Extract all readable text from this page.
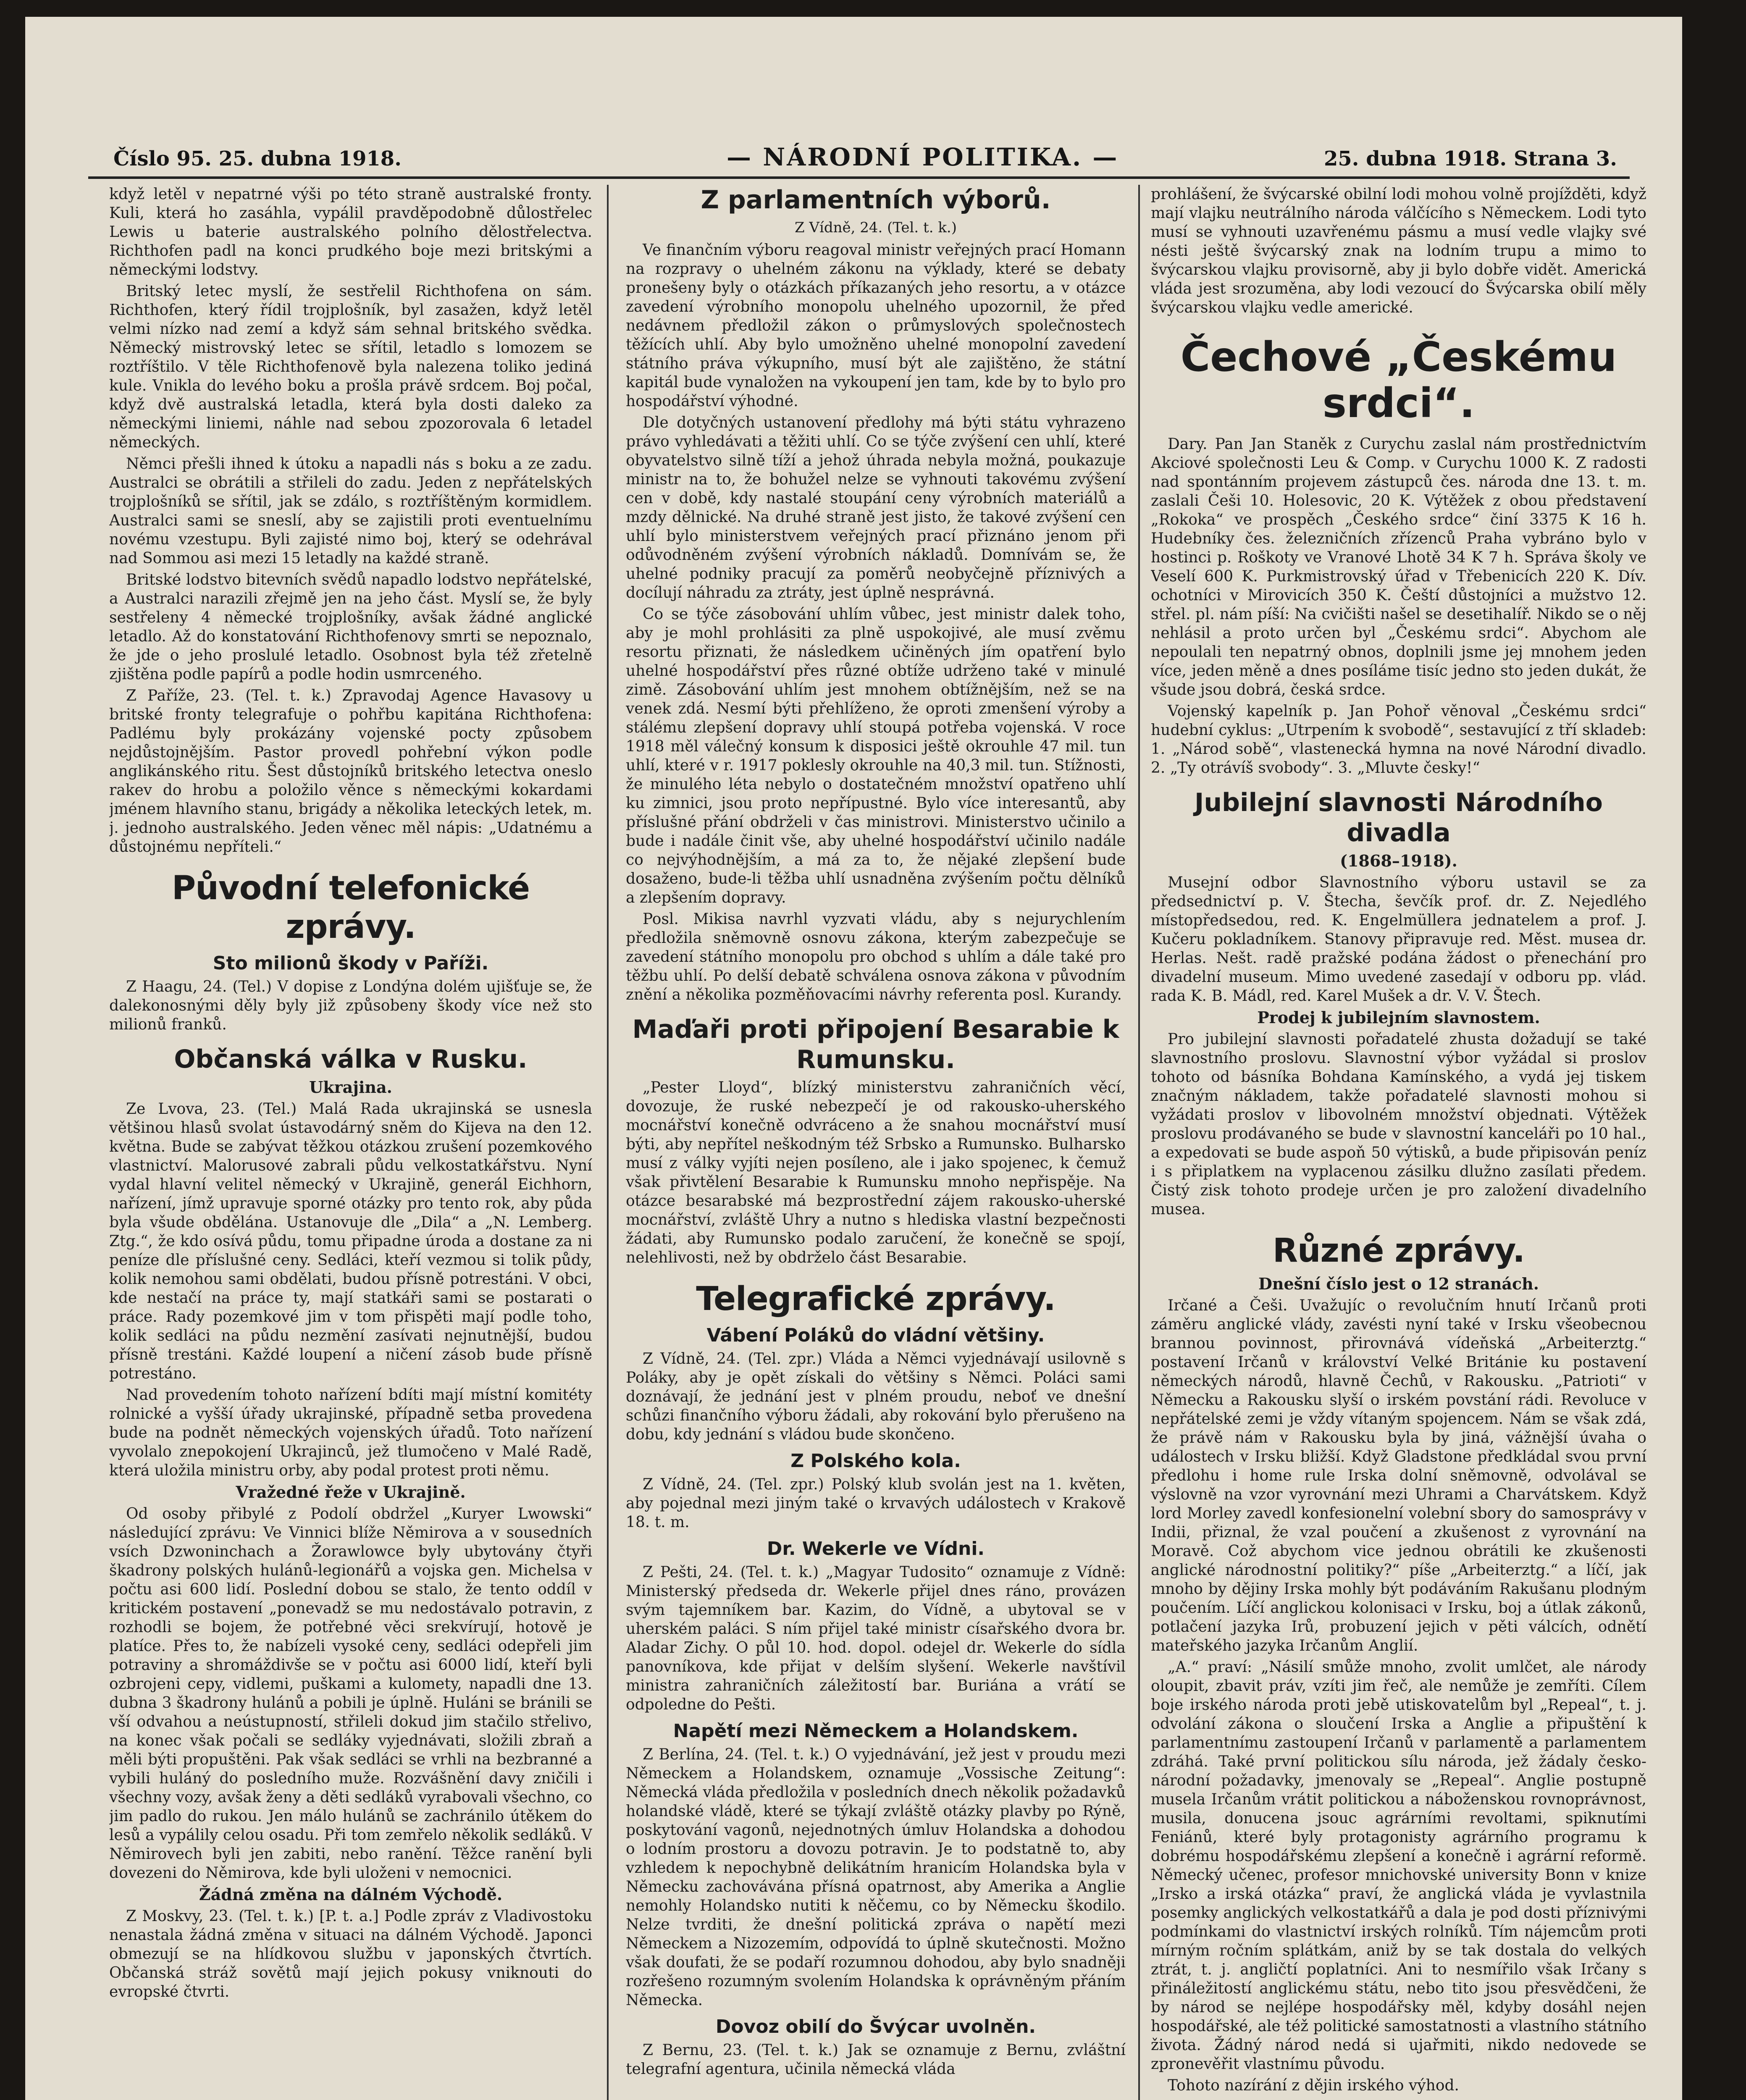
Číslo 95. 25. dubna 1918.	— NÁRODNÍ POLITIKA. —	25. dubna 1918. Strana 3.

když letěl v nepatrné výši po této straně australské fronty. Kuli, která ho zasáhla, vypálil pravděpodobně důlostřelec Lewis u baterie australského polního dělostřelectva. Richthofen padl na konci prudkého boje mezi britskými a německými lodstvy.

Britský letec myslí, že sestřelil Richthofena on sám. Richthofen, který řídil trojplošník, byl zasažen, když letěl velmi nízko nad zemí a když sám sehnal britského svědka. Německý mistrovský letec se sřítil, letadlo s lomozem se roztříštilo. V těle Richthofenově byla nalezena toliko jediná kule. Vnikla do levého boku a prošla právě srdcem. Boj počal, když dvě australská letadla, která byla dosti daleko za německými liniemi, náhle nad sebou zpozorovala 6 letadel německých.

Němci přešli ihned k útoku a napadli nás s boku a ze zadu. Australci se obrátili a střileli do zadu. Jeden z nepřátelských trojplošníků se sřítil, jak se zdálo, s roztříštěným kormidlem. Australci sami se sneslí, aby se zajistili proti eventuelnímu novému vzestupu. Byli zajisté nimo boj, který se odehrával nad Sommou asi mezi 15 letadly na každé straně.

Britské lodstvo bitevních svědů napadlo lodstvo nepřátelské, a Australci narazili zřejmě jen na jeho část. Myslí se, že byly sestřeleny 4 německé trojplošníky, avšak žádné anglické letadlo. Až do konstatování Richthofenovy smrti se nepoznalo, že jde o jeho proslulé letadlo. Osobnost byla též zřetelně zjištěna podle papírů a podle hodin usmrceného.

Z Paříže, 23. (Tel. t. k.) Zpravodaj Agence Havasovy u britské fronty telegrafuje o pohřbu kapitána Richthofena: Padlému byly prokázány vojenské pocty způsobem nejdůstojnějším. Pastor provedl pohřební výkon podle anglikánského ritu. Šest důstojníků britského letectva oneslo rakev do hrobu a položilo věnce s německými kokardami jménem hlavního stanu, brigády a několika leteckých letek, m. j. jednoho australského. Jeden věnec měl nápis: „Udatnému a důstojnému nepříteli.“

Původní telefonické zprávy.
Sto milionů škody v Paříži.

Z Haagu, 24. (Tel.) V dopise z Londýna dolém ujišťuje se, že dalekonosnými děly byly již způsobeny škody více než sto milionů franků.

Občanská válka v Rusku.
Ukrajina.

Ze Lvova, 23. (Tel.) Malá Rada ukrajinská se usnesla většinou hlasů svolat ústavodárný sněm do Kijeva na den 12. května. Bude se zabývat těžkou otázkou zrušení pozemkového vlastnictví. Malorusové zabrali půdu velkostatkářstvu. Nyní vydal hlavní velitel německý v Ukrajině, generál Eichhorn, nařízení, jímž upravuje sporné otázky pro tento rok, aby půda byla všude obdělána. Ustanovuje dle „Dila“ a „N. Lemberg. Ztg.“, že kdo osívá půdu, tomu připadne úroda a dostane za ni peníze dle příslušné ceny. Sedláci, kteří vezmou si tolik půdy, kolik nemohou sami obdělati, budou přísně potrestáni. V obci, kde nestačí na práce ty, mají statkáři sami se postarati o práce. Rady pozemkové jim v tom přispěti mají podle toho, kolik sedláci na půdu nezmění zasívati nejnutnější, budou přísně trestáni. Každé loupení a ničení zásob bude přísně potrestáno.

Nad provedením tohoto nařízení bdíti mají místní komitéty rolnické a vyšší úřady ukrajinské, případně setba provedena bude na podnět německých vojenských úřadů. Toto nařízení vyvolalo znepokojení Ukrajinců, jež tlumočeno v Malé Radě, která uložila ministru orby, aby podal protest proti němu.

Vražedné řeže v Ukrajině.

Od osoby přibylé z Podolí obdržel „Kuryer Lwowski“ následující zprávu: Ve Vinnici blíže Němirova a v sousedních vsích Dzwoninchach a Žorawlowce byly ubytovány čtyři škadrony polských hulánů-legionářů a vojska gen. Michelsa v počtu asi 600 lidí. Poslední dobou se stalo, že tento oddíl v kritickém postavení „ponevadž se mu nedostávalo potravin, z rozhodli se bojem, že potřebné věci srekvírují, hotově je platíce. Přes to, že nabízeli vysoké ceny, sedláci odepřeli jim potraviny a shromáždivše se v počtu asi 6000 lidí, kteří byli ozbrojeni cepy, vidlemi, puškami a kulomety, napadli dne 13. dubna 3 škadrony hulánů a pobili je úplně. Huláni se bránili se vší odvahou a neústupností, střileli dokud jim stačilo střelivo, na konec však počali se sedláky vyjednávati, složili zbraň a měli býti propuštěni. Pak však sedláci se vrhli na bezbranné a vybili huláný do posledního muže. Rozvášnění davy zničili i všechny vozy, avšak ženy a děti sedláků vyrabovali všechno, co jim padlo do rukou. Jen málo hulánů se zachránilo útěkem do lesů a vypálily celou osadu. Při tom zemřelo několik sedláků. V Němirovech byli jen zabiti, nebo ranění. Těžce ranění byli dovezeni do Němirova, kde byli uloženi v nemocnici.

Žádná změna na dálném Východě.

Z Moskvy, 23. (Tel. t. k.) [P. t. a.] Podle zpráv z Vladivostoku nenastala žádná změna v situaci na dálném Východě. Japonci obmezují se na hlídkovou službu v japonských čtvrtích. Občanská stráž sovětů mají jejich pokusy vniknouti do evropské čtvrti.

Z parlamentních výborů.
Z Vídně, 24. (Tel. t. k.)

Ve finančním výboru reagoval ministr veřejných prací Homann na rozpravy o uhelném zákonu na výklady, které se debaty pronešeny byly o otázkách příkazaných jeho resortu, a v otázce zavedení výrobního monopolu uhelného upozornil, že před nedávnem předložil zákon o průmyslových společnostech těžících uhlí. Aby bylo umožněno uhelné monopolní zavedení státního práva výkupního, musí být ale zajištěno, že státní kapitál bude vynaložen na vykoupení jen tam, kde by to bylo pro hospodářství výhodné.

Dle dotyčných ustanovení předlohy má býti státu vyhrazeno právo vyhledávati a těžiti uhlí. Co se týče zvýšení cen uhlí, které obyvatelstvo silně tíží a jehož úhrada nebyla možná, poukazuje ministr na to, že bohužel nelze se vyhnouti takovému zvýšení cen v době, kdy nastalé stoupání ceny výrobních materiálů a mzdy dělnické. Na druhé straně jest jisto, že takové zvýšení cen uhlí bylo ministerstvem veřejných prací přiznáno jenom při odůvodněném zvýšení výrobních nákladů. Domnívám se, že uhelné podniky pracují za poměrů neobyčejně příznivých a docílují náhradu za ztráty, jest úplně nesprávná.

Co se týče zásobování uhlím vůbec, jest ministr dalek toho, aby je mohl prohlásiti za plně uspokojivé, ale musí zvěmu resortu přiznati, že následkem učiněných jím opatření bylo uhelné hospodářství přes různé obtíže udrženo také v minulé zimě. Zásobování uhlím jest mnohem obtížnějším, než se na venek zdá. Nesmí býti přehlíženo, že oproti zmenšení výroby a stálému zlepšení dopravy uhlí stoupá potřeba vojenská. V roce 1918 měl válečný konsum k disposici ještě okrouhle 47 mil. tun uhlí, které v r. 1917 poklesly okrouhle na 40,3 mil. tun. Stížnosti, že minulého léta nebylo o dostatečném množství opatřeno uhlí ku zimnici, jsou proto nepřípustné. Bylo více interesantů, aby příslušné přání obdrželi v čas ministrovi. Ministerstvo učinilo a bude i nadále činit vše, aby uhelné hospodářství učinilo nadále co nejvýhodnějším, a má za to, že nějaké zlepšení bude dosaženo, bude-li těžba uhlí usnadněna zvýšením počtu dělníků a zlepšením dopravy.

Posl. Mikisa navrhl vyzvati vládu, aby s nejurychlením předložila sněmovně osnovu zákona, kterým zabezpečuje se zavedení státního monopolu pro obchod s uhlím a dále také pro těžbu uhlí. Po delší debatě schválena osnova zákona v původním znění a několika pozměňovacími návrhy referenta posl. Kurandy.

Maďaři proti připojení Besarabie k Rumunsku.

„Pester Lloyd“, blízký ministerstvu zahraničních věcí, dovozuje, že ruské nebezpečí je od rakousko-uherského mocnářství konečně odvráceno a že snahou mocnářství musí býti, aby nepřítel neškodným též Srbsko a Rumunsko. Bulharsko musí z války vyjíti nejen posíleno, ale i jako spojenec, k čemuž však přivtělení Besarabie k Rumunsku mnoho nepřispěje. Na otázce besarabské má bezprostřední zájem rakousko-uherské mocnářství, zvláště Uhry a nutno s hlediska vlastní bezpečnosti žádati, aby Rumunsko podalo zaručení, že konečně se spojí, nelehlivosti, než by obdrželo část Besarabie.

Telegrafické zprávy.
Vábení Poláků do vládní většiny.

Z Vídně, 24. (Tel. zpr.) Vláda a Němci vyjednávají usilovně s Poláky, aby je opět získali do většiny s Němci. Poláci sami doznávají, že jednání jest v plném proudu, neboť ve dnešní schůzi finančního výboru žádali, aby rokování bylo přerušeno na dobu, kdy jednání s vládou bude skončeno.

Z Polského kola.

Z Vídně, 24. (Tel. zpr.) Polský klub svolán jest na 1. květen, aby pojednal mezi jiným také o krvavých událostech v Krakově 18. t. m.

Dr. Wekerle ve Vídni.

Z Pešti, 24. (Tel. t. k.) „Magyar Tudosito“ oznamuje z Vídně: Ministerský předseda dr. Wekerle přijel dnes ráno, provázen svým tajemníkem bar. Kazim, do Vídně, a ubytoval se v uherském paláci. S ním přijel také ministr císařského dvora br. Aladar Zichy. O půl 10. hod. dopol. odejel dr. Wekerle do sídla panovníkova, kde přijat v delším slyšení. Wekerle navštívil ministra zahraničních záležitostí bar. Buriána a vrátí se odpoledne do Pešti.

Napětí mezi Německem a Holandskem.

Z Berlína, 24. (Tel. t. k.) O vyjednávání, jež jest v proudu mezi Německem a Holandskem, oznamuje „Vossische Zeitung“: Německá vláda předložila v posledních dnech několik požadavků holandské vládě, které se týkají zvláště otázky plavby po Rýně, poskytování vagonů, nejednotných úmluv Holandska a dohodou o lodním prostoru a dovozu potravin. Je to podstatně to, aby vzhledem k nepochybně delikátním hranicím Holandska byla v Německu zachovávána přísná opatrnost, aby Amerika a Anglie nemohly Holandsko nutiti k něčemu, co by Německu škodilo. Nelze tvrditi, že dnešní politická zpráva o napětí mezi Německem a Nizozemím, odpovídá to úplně skutečnosti. Možno však doufati, že se podaří rozumnou dohodou, aby bylo snadněji rozřešeno rozumným svolením Holandska k oprávněným přáním Německa.

Dovoz obilí do Švýcar uvolněn.

Z Bernu, 23. (Tel. t. k.) Jak se oznamuje z Bernu, zvláštní telegrafní agentura, učinila německá vláda

prohlášení, že švýcarské obilní lodi mohou volně projížděti, když mají vlajku neutrálního národa válčícího s Německem. Lodi tyto musí se vyhnouti uzavřenému pásmu a musí vedle vlajky své nésti ještě švýcarský znak na lodním trupu a mimo to švýcarskou vlajku provisorně, aby ji bylo dobře vidět. Americká vláda jest srozuměna, aby lodi vezoucí do Švýcarska obilí měly švýcarskou vlajku vedle americké.

Čechové „Českému srdci“.

Dary. Pan Jan Staněk z Curychu zaslal nám prostřednictvím Akciové společnosti Leu & Comp. v Curychu 1000 K. Z radosti nad spontánním projevem zástupců čes. národa dne 13. t. m. zaslali Češi 10. Holesovic, 20 K. Výtěžek z obou představení „Rokoka“ ve prospěch „Českého srdce“ činí 3375 K 16 h. Hudebníky čes. železničních zřízenců Praha vybráno bylo v hostinci p. Roškoty ve Vranové Lhotě 34 K 7 h. Správa školy ve Veselí 600 K. Purkmistrovský úřad v Třebenicích 220 K. Dív. ochotníci v Mirovicích 350 K. Čeští důstojníci a mužstvo 12. střel. pl. nám píší: Na cvičišti našel se desetihalíř. Nikdo se o něj nehlásil a proto určen byl „Českému srdci“. Abychom ale nepoulali ten nepatrný obnos, doplnili jsme jej mnohem jeden více, jeden měně a dnes posíláme tisíc jedno sto jeden dukát, že všude jsou dobrá, česká srdce.

Vojenský kapelník p. Jan Pohoř věnoval „Českému srdci“ hudební cyklus: „Utrpením k svobodě“, sestavující z tří skladeb: 1. „Národ sobě“, vlastenecká hymna na nové Národní divadlo. 2. „Ty otrávíš svobody“. 3. „Mluvte česky!“

Jubilejní slavnosti Národního divadla
(1868–1918).

Musejní odbor Slavnostního výboru ustavil se za předsednictví p. V. Štecha, ševčík prof. dr. Z. Nejedlého místopředsedou, red. K. Engelmüllera jednatelem a prof. J. Kučeru pokladníkem. Stanovy připravuje red. Měst. musea dr. Herlas. Nešt. radě pražské podána žádost o přenechání pro divadelní museum. Mimo uvedené zasedají v odboru pp. vlád. rada K. B. Mádl, red. Karel Mušek a dr. V. V. Štech.

Prodej k jubilejním slavnostem.

Pro jubilejní slavnosti pořadatelé zhusta dožadují se také slavnostního proslovu. Slavnostní výbor vyžádal si proslov tohoto od básníka Bohdana Kamínského, a vydá jej tiskem značným nákladem, takže pořadatelé slavnosti mohou si vyžádati proslov v libovolném množství objednati. Výtěžek proslovu prodávaného se bude v slavnostní kanceláři po 10 hal., a expedovati se bude aspoň 50 výtisků, a bude připisován peníz i s připlatkem na vyplacenou zásilku dlužno zasílati předem. Čistý zisk tohoto prodeje určen je pro založení divadelního musea.

Různé zprávy.
Dnešní číslo jest o 12 stranách.

Irčané a Češi. Uvažujíc o revolučním hnutí Irčanů proti záměru anglické vlády, zavésti nyní také v Irsku všeobecnou brannou povinnost, přirovnává vídeňská „Arbeiterztg.“ postavení Irčanů v království Velké Británie ku postavení německých národů, hlavně Čechů, v Rakousku. „Patrioti“ v Německu a Rakousku slyší o irském povstání rádi. Revoluce v nepřátelské zemi je vždy vítaným spojencem. Nám se však zdá, že právě nám v Rakousku byla by jiná, vážnější úvaha o událostech v Irsku bližší. Když Gladstone předkládal svou první předlohu i home rule Irska dolní sněmovně, odvolával se výslovně na vzor vyrovnání mezi Uhrami a Charvátskem. Když lord Morley zavedl konfesionelní volební sbory do samosprávy v Indii, přiznal, že vzal poučení a zkušenost z vyrovnání na Moravě. Což abychom vice jednou obrátili ke zkušenosti anglické národnostní politiky?“ píše „Arbeiterztg.“ a líčí, jak mnoho by dějiny Irska mohly být podáváním Rakušanu plodným poučením. Líčí anglickou kolonisaci v Irsku, boj a útlak zákonů, potlačení jazyka Irů, probuzení jejich v pěti válcích, odnětí mateřského jazyka Irčanům Anglií.

„A.“ praví: „Násilí smůže mnoho, zvolit umlčet, ale národy oloupit, zbavit práv, vzíti jim řeč, ale nemůže je zemříti. Cílem boje irského národa proti jebě utiskovatelům byl „Repeal“, t. j. odvolání zákona o sloučení Irska a Anglie a připuštění k parlamentnímu zastoupení Irčanů v parlamentě a parlamentem zdráhá. Také první politickou sílu národa, jež žádaly česko-národní požadavky, jmenovaly se „Repeal“. Anglie postupně musela Irčanům vrátit politickou a náboženskou rovnoprávnost, musila, donucena jsouc agrárními revoltami, spiknutími Feniánů, které byly protagonisty agrárního programu k dobrému hospodářskému zlepšení a konečně i agrární reformě. Německý učenec, profesor mnichovské university Bonn v knize „Irsko a irská otázka“ praví, že anglická vláda je vyvlastnila posemky anglických velkostatkářů a dala je pod dosti příznivými podmínkami do vlastnictví irských rolníků. Tím nájemcům proti mírným ročním splátkám, aniž by se tak dostala do velkých ztrát, t. j. angličtí poplatníci. Ani to nesmířilo však Irčany s přináležitostí anglickému státu, nebo tito jsou přesvědčeni, že by národ se nejlépe hospodářsky měl, kdyby dosáhl nejen hospodářské, ale též politické samostatnosti a vlastního státního života. Žádný národ nedá si ujařmiti, nikdo nedovede se zpronevěřit vlastnímu původu.

Tohoto nazírání z dějin irského výhod.
